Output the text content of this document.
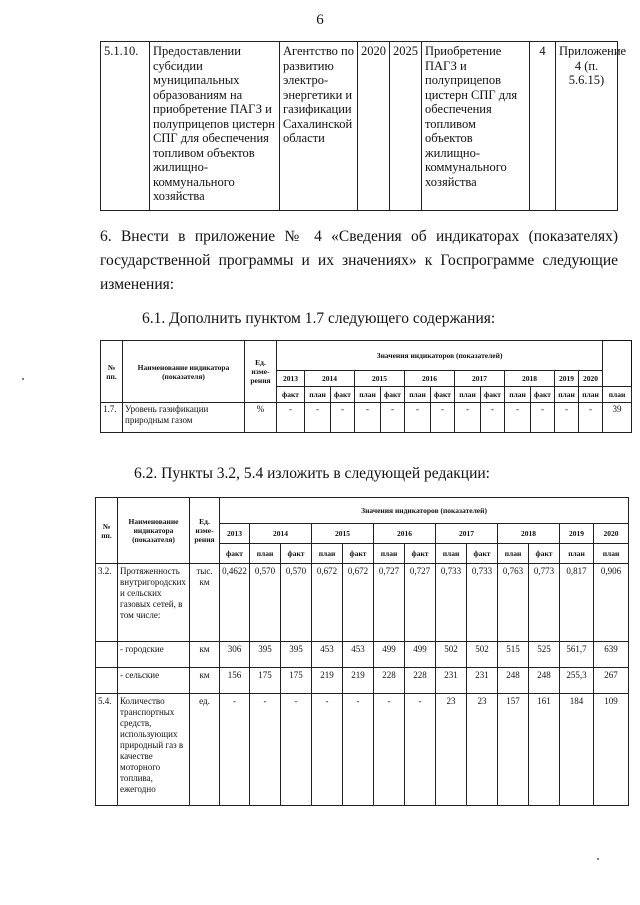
6
5.1.10.	Предоставлении субсидии муниципальных образованиям на приобретение ПАГЗ и полуприцепов цистерн СПГ для обеспечения топливом объектов жилищно-коммунального хозяйства	Агентство по развитию электро-энергетики и газификации Сахалинской области	2020	2025	Приобретение ПАГЗ и полуприцепов цистерн СПГ для обеспечения топливом объектов жилищно-коммунального хозяйства	4	Приложение 4 (п. 5.6.15)
6. Внести в приложение № 4 «Сведения об индикаторах (показателях) государственной программы и их значениях» к Госпрограмме следующие изменения:
6.1. Дополнить пунктом 1.7 следующего содержания:
№ пп.	Наименование индикатора (показателя)	Ед. изме-рения	Значения индикаторов (показателей)													
			2013	2014		2015		2016		2017		2018		2019	2020	
			факт	план	факт	план	факт	план	факт	план	факт	план	факт	план	план	план
1.7.	Уровень газификации природным газом	%	-	-	-	-	-	-	-	-	-	-	-	-	-	39
6.2. Пункты 3.2, 5.4 изложить в следующей редакции:
№ пп.	Наименование индикатора (показателя)	Ед. изме-рения	Значения индикаторов (показателей)												
			2013	2014		2015		2016		2017		2018		2019	2020
			факт	план	факт	план	факт	план	факт	план	факт	план	факт	план	план
3.2.	Протяженность внутригородских и сельских газовых сетей, в том числе:	тыс. км	0,4622	0,570	0,570	0,672	0,672	0,727	0,727	0,733	0,733	0,763	0,773	0,817	0,906
	- городские	км	306	395	395	453	453	499	499	502	502	515	525	561,7	639
	- сельские	км	156	175	175	219	219	228	228	231	231	248	248	255,3	267
5.4.	Количество транспортных средств, использующих природный газ в качестве моторного топлива, ежегодно	ед.	-	-	-	-	-	-	-	23	23	157	161	184	109
